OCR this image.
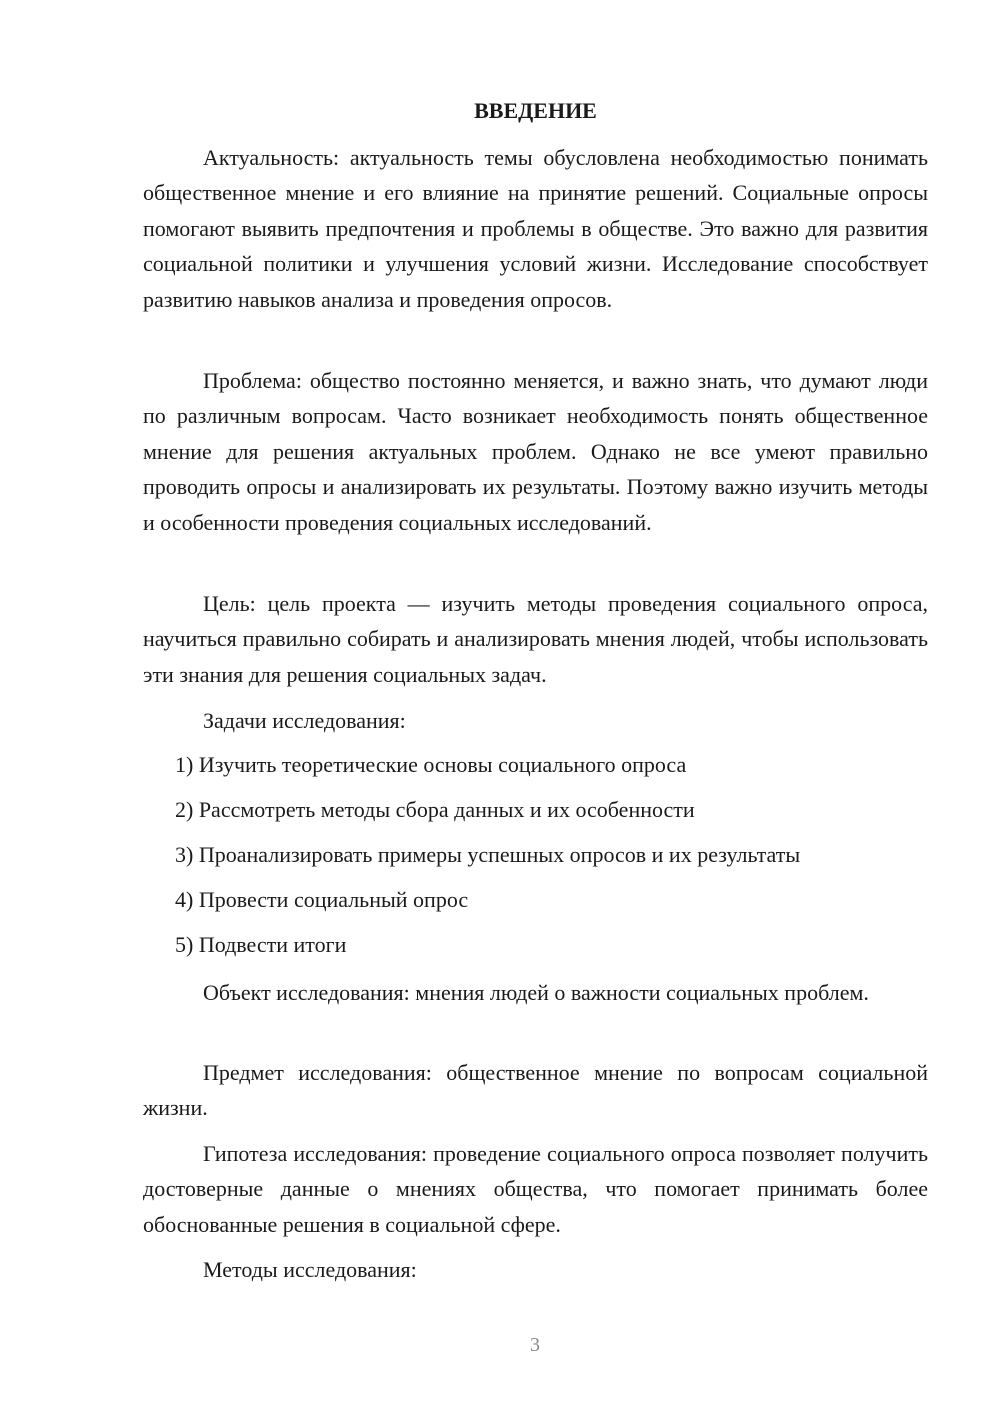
ВВЕДЕНИЕ

Актуальность: актуальность темы обусловлена необходимостью понимать общественное мнение и его влияние на принятие решений. Социальные опросы помогают выявить предпочтения и проблемы в обществе. Это важно для развития социальной политики и улучшения условий жизни. Исследование способствует развитию навыков анализа и проведения опросов.

Проблема: общество постоянно меняется, и важно знать, что думают люди по различным вопросам. Часто возникает необходимость понять общественное мнение для решения актуальных проблем. Однако не все умеют правильно проводить опросы и анализировать их результаты. Поэтому важно изучить методы и особенности проведения социальных исследований.

Цель: цель проекта — изучить методы проведения социального опроса, научиться правильно собирать и анализировать мнения людей, чтобы использовать эти знания для решения социальных задач.

Задачи исследования:

1) Изучить теоретические основы социального опроса
2) Рассмотреть методы сбора данных и их особенности
3) Проанализировать примеры успешных опросов и их результаты
4) Провести социальный опрос
5) Подвести итоги

Объект исследования: мнения людей о важности социальных проблем.

Предмет исследования: общественное мнение по вопросам социальной жизни.

Гипотеза исследования: проведение социального опроса позволяет получить достоверные данные о мнениях общества, что помогает принимать более обоснованные решения в социальной сфере.

Методы исследования:

3
